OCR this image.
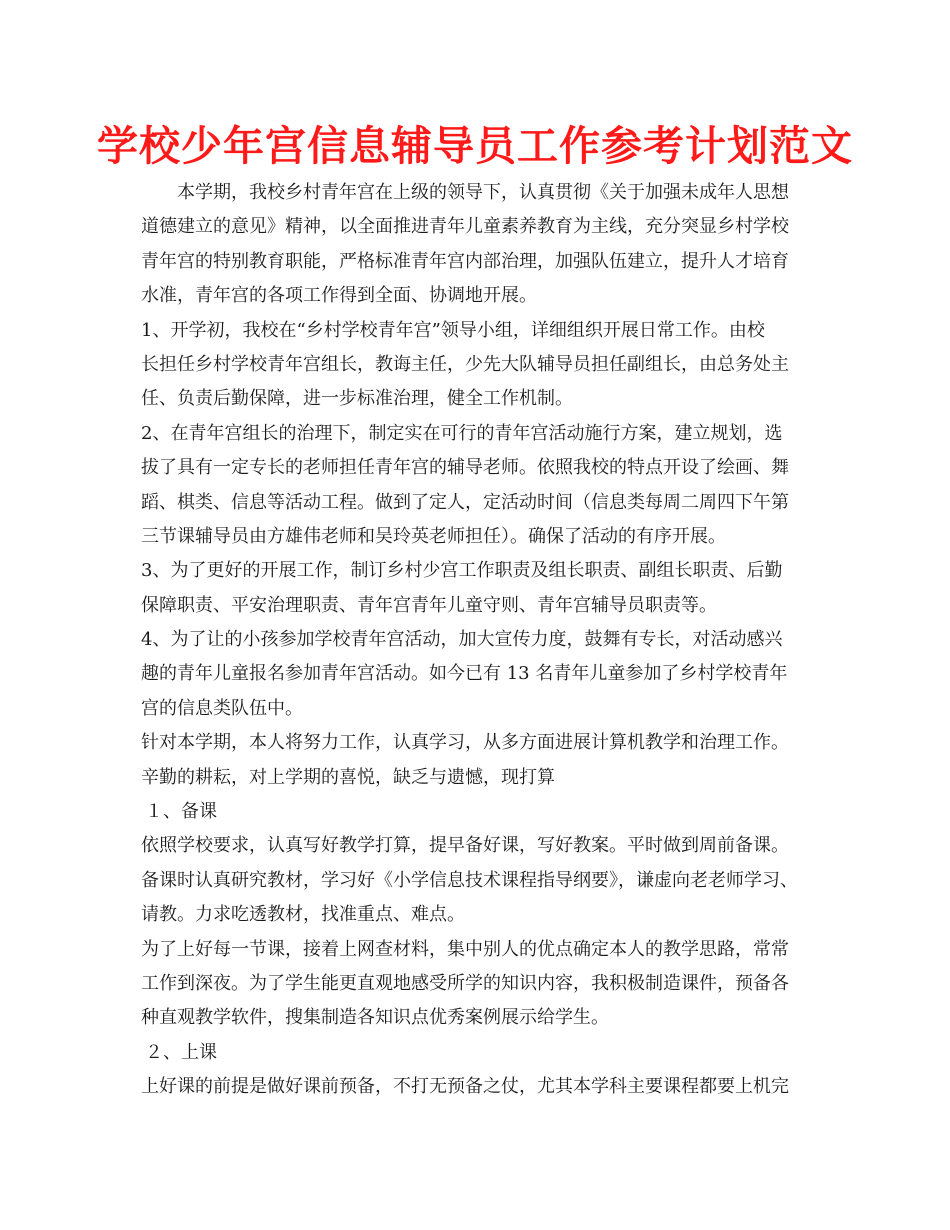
学校少年宫信息辅导员工作参考计划范文
本学期，我校乡村青年宫在上级的领导下，认真贯彻《关于加强未成年人思想
道德建立的意见》精神，以全面推进青年儿童素养教育为主线，充分突显乡村学校
青年宫的特别教育职能，严格标准青年宫内部治理，加强队伍建立，提升人才培育
水准，青年宫的各项工作得到全面、协调地开展。
1、开学初，我校在“乡村学校青年宫”领导小组，详细组织开展日常工作。由校
长担任乡村学校青年宫组长，教诲主任，少先大队辅导员担任副组长，由总务处主
任、负责后勤保障，进一步标准治理，健全工作机制。
2、在青年宫组长的治理下，制定实在可行的青年宫活动施行方案，建立规划，选
拔了具有一定专长的老师担任青年宫的辅导老师。依照我校的特点开设了绘画、舞
蹈、棋类、信息等活动工程。做到了定人，定活动时间（信息类每周二周四下午第
三节课辅导员由方雄伟老师和吴玲英老师担任）。确保了活动的有序开展。
3、为了更好的开展工作，制订乡村少宫工作职责及组长职责、副组长职责、后勤
保障职责、平安治理职责、青年宫青年儿童守则、青年宫辅导员职责等。
4、为了让的小孩参加学校青年宫活动，加大宣传力度，鼓舞有专长，对活动感兴
趣的青年儿童报名参加青年宫活动。如今已有 13 名青年儿童参加了乡村学校青年
宫的信息类队伍中。
针对本学期，本人将努力工作，认真学习，从多方面进展计算机教学和治理工作。
辛勤的耕耘，对上学期的喜悦，缺乏与遗憾，现打算
１、备课
依照学校要求，认真写好教学打算，提早备好课，写好教案。平时做到周前备课。
备课时认真研究教材，学习好《小学信息技术课程指导纲要》，谦虚向老老师学习、
请教。力求吃透教材，找准重点、难点。
为了上好每一节课，接着上网查材料，集中别人的优点确定本人的教学思路，常常
工作到深夜。为了学生能更直观地感受所学的知识内容，我积极制造课件，预备各
种直观教学软件，搜集制造各知识点优秀案例展示给学生。
２、上课
上好课的前提是做好课前预备，不打无预备之仗，尤其本学科主要课程都要上机完
